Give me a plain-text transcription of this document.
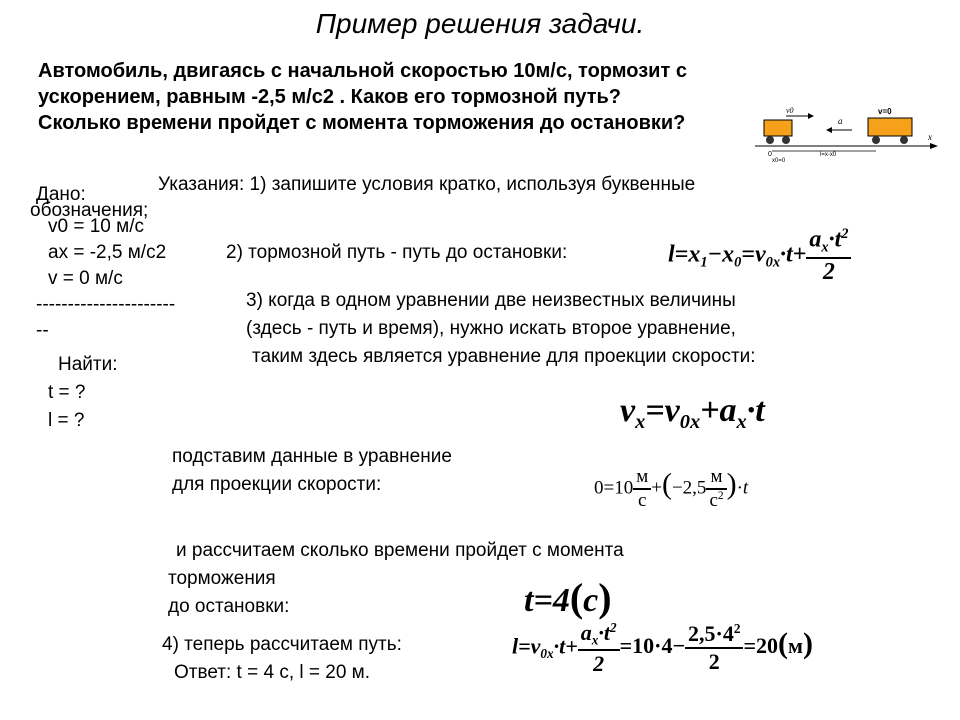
Пример решения задачи.
Автомобиль, двигаясь с начальной скоростью 10м/с, тормозит с
ускорением, равным -2,5 м/с2 . Каков его тормозной путь?
Сколько времени пройдет с момента торможения до остановки?
x
0
x0=0
l=x-x0
v0
a
v=0
Указания: 1) запишите условия кратко, используя буквенные
Дано:
обозначения;
v0 = 10 м/с
аx = -2,5 м/с2
v = 0 м/с
----------------------
--
Найти:
t = ?
l = ?
2) тормозной путь - путь до остановки:	$l=x_1-x_0=v_{0x}\cdot t+ \frac{a_x\cdot t^2}{2}$
3) когда в одном уравнении две неизвестных величины
(здесь - путь и время), нужно искать второе уравнение,
таким здесь является уравнение для проекции скорости:
$v_x=v_{0x}+a_x\cdot t$
подставим данные в уравнение
для проекции скорости:	$0=10 \frac{м}{с} +(-2,5 \frac{м}{с^2} )\cdot t$
и рассчитаем сколько времени пройдет с момента
торможения
до остановки:	t=4(c)
4) теперь рассчитаем путь:	$l=v_{0x}\cdot t+ \frac{a_x\cdot t^2}{2} =10\cdot 4- \frac{2,5\cdot 4^2}{2} =20(м)$
Ответ: t = 4 с, l = 20 м.
